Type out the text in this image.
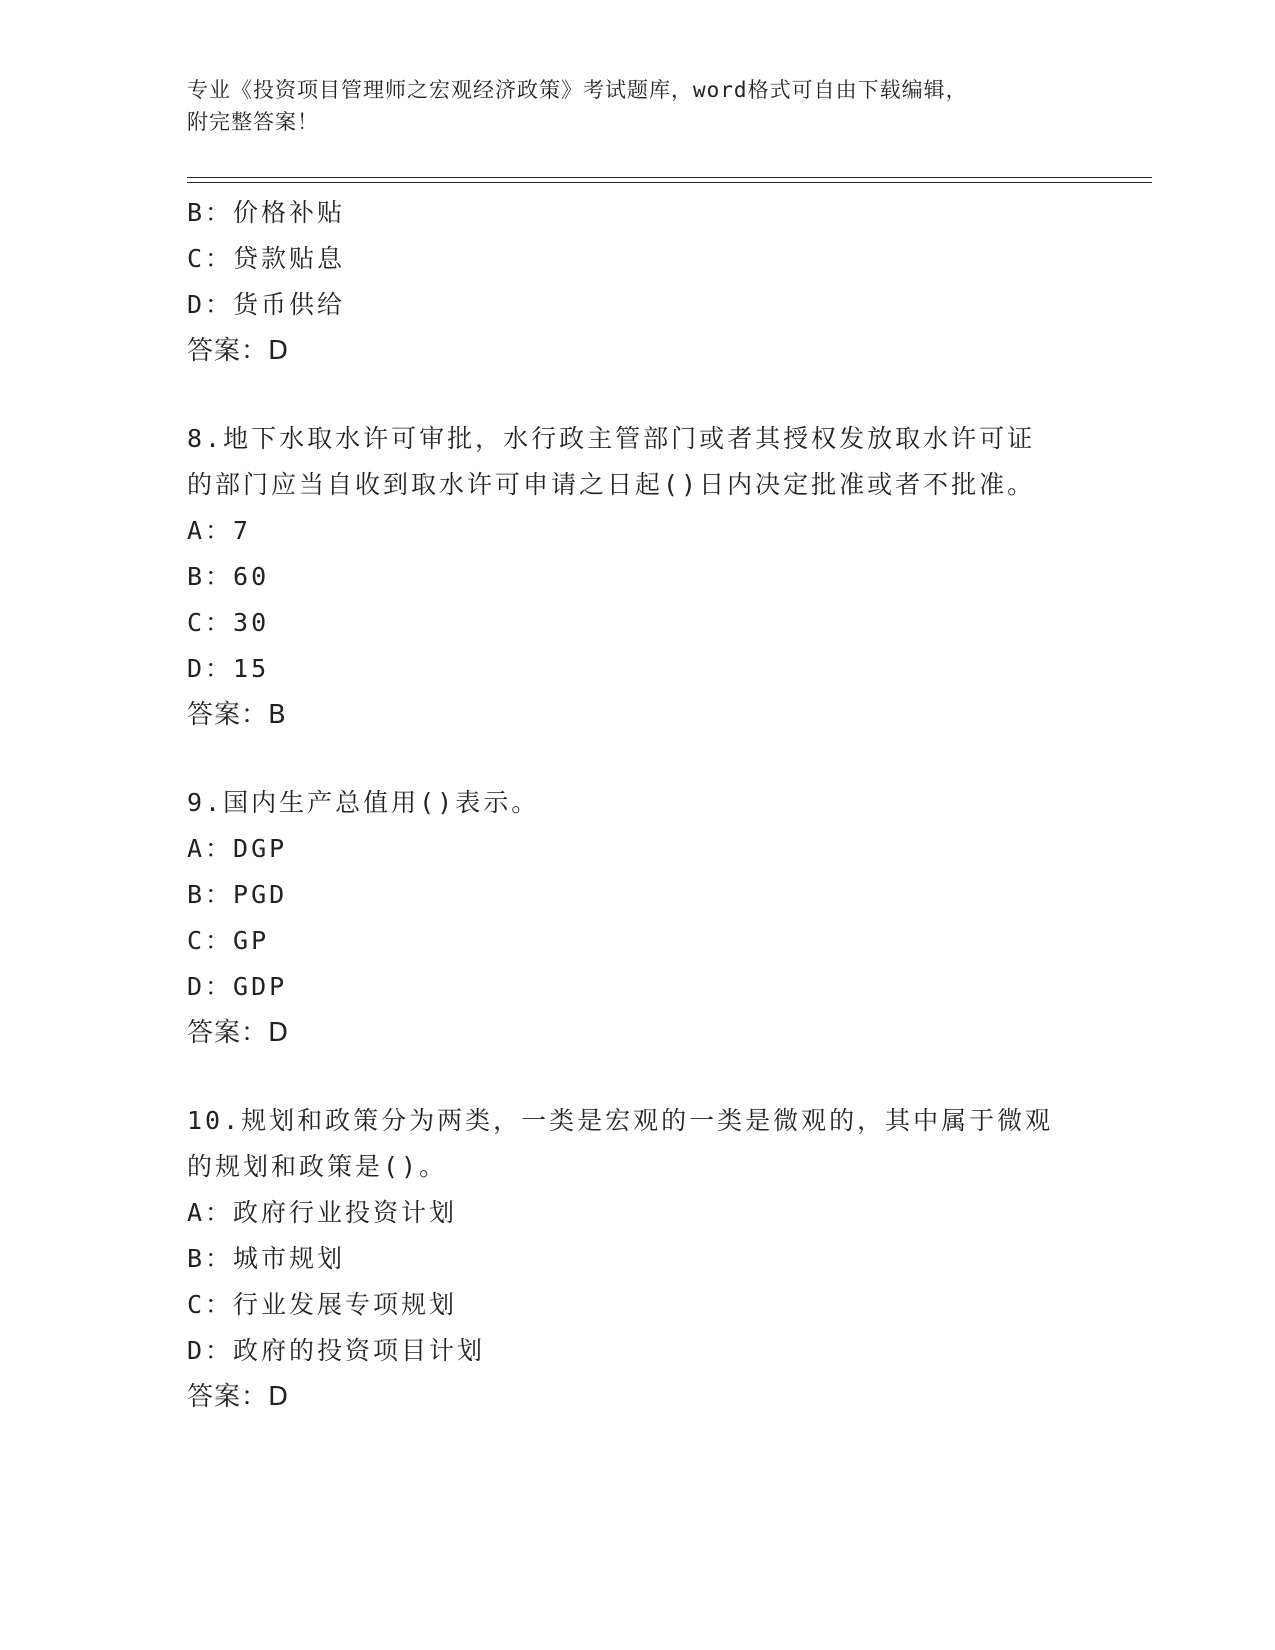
专业《投资项目管理师之宏观经济政策》考试题库，word格式可自由下载编辑，
附完整答案！
B：价格补贴
C：贷款贴息
D：货币供给
答案：D
8.地下水取水许可审批，水行政主管部门或者其授权发放取水许可证
的部门应当自收到取水许可申请之日起()日内决定批准或者不批准。
A：7
B：60
C：30
D：15
答案：B
9.国内生产总值用()表示。
A：DGP
B：PGD
C：GP
D：GDP
答案：D
10.规划和政策分为两类，一类是宏观的一类是微观的，其中属于微观
的规划和政策是()。
A：政府行业投资计划
B：城市规划
C：行业发展专项规划
D：政府的投资项目计划
答案：D
